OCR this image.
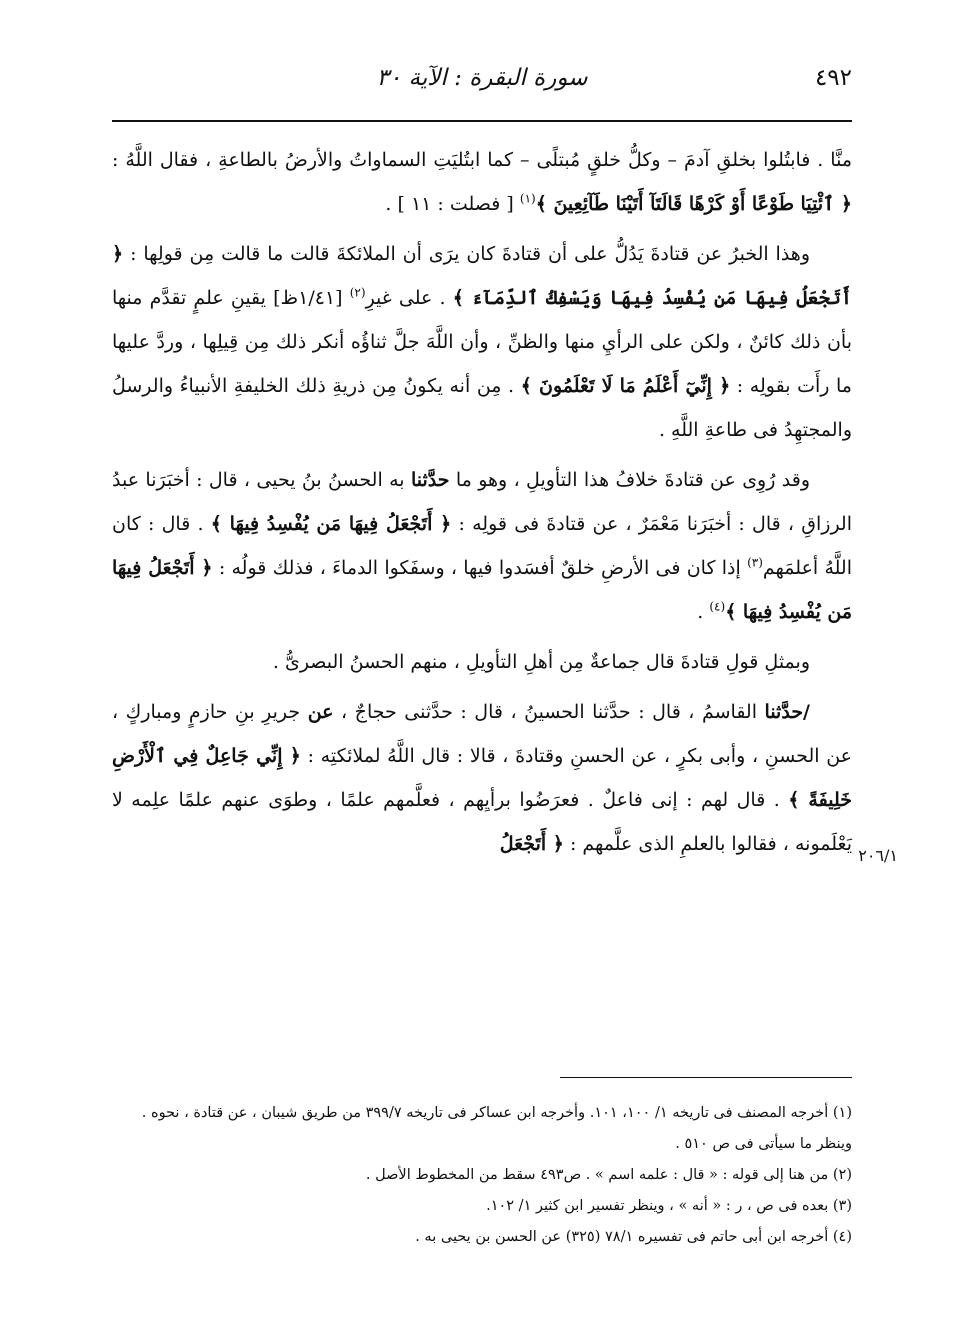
٤٩٢
سورة البقرة : الآية ٣٠
٢٠٦/١

منَّا . فابتُلوا بخلقِ آدمَ – وكلُّ خلقٍ مُبتلًى – كما ابتُليَتِ السماواتُ والأرضُ بالطاعةِ ، فقال اللَّهُ : ﴿ ٱئْتِيَا طَوْعًا أَوْ كَرْهًا قَالَتَآ أَتَيْنَا طَآئِعِينَ ﴾$^{(١)}$ [ فصلت : ١١ ] .

وهذا الخبرُ عن قتادةَ يَدُلُّ على أن قتادةَ كان يرَى أن الملائكةَ قالت ما قالت مِن قولِها : ﴿ أَتَجْعَلُ فِيهَا مَن يُفْسِدُ فِيهَا وَيَسْفِكُ ٱلدِّمَآءَ ﴾ . على غيرِ$^{(٢)}$ [١/٤١ظ] يقينِ علمٍ تقدَّم منها بأن ذلك كائنٌ ، ولكن على الرأيِ منها والظنِّ ، وأن اللَّهَ جلَّ ثناؤُه أنكر ذلك مِن قِيلِها ، وردَّ عليها ما رأَت بقولِه : ﴿ إِنِّيٓ أَعْلَمُ مَا لَا تَعْلَمُونَ ﴾ . مِن أنه يكونُ مِن ذريةِ ذلك الخليفةِ الأنبياءُ والرسلُ والمجتهِدُ فى طاعةِ اللَّهِ .

وقد رُوِى عن قتادةَ خلافُ هذا التأويلِ ، وهو ما حدَّثنا به الحسنُ بنُ يحيى ، قال : أخبَرَنا عبدُ الرزاقِ ، قال : أخبَرَنا مَعْمَرٌ ، عن قتادةَ فى قولِه : ﴿ أَتَجْعَلُ فِيهَا مَن يُفْسِدُ فِيهَا ﴾ . قال : كان اللَّهُ أعلمَهم$^{(٣)}$ إذا كان فى الأرضِ خلقٌ أفسَدوا فيها ، وسفَكوا الدماءَ ، فذلك قولُه : ﴿ أَتَجْعَلُ فِيهَا مَن يُفْسِدُ فِيهَا ﴾$^{(٤)}$ .

وبمثلِ قولِ قتادةَ قال جماعةٌ مِن أهلِ التأويلِ ، منهم الحسنُ البصرىُّ .

/حدَّثنا القاسمُ ، قال : حدَّثنا الحسينُ ، قال : حدَّثنى حجاجٌ ، عن جريرِ بنِ حازمٍ ومباركٍ ، عن الحسنِ ، وأبى بكرٍ ، عن الحسنِ وقتادةَ ، قالا : قال اللَّهُ لملائكتِه : ﴿ إِنِّي جَاعِلٌ فِي ٱلْأَرْضِ خَلِيفَةً ﴾ . قال لهم : إنى فاعلٌ . فعرَضُوا برأيِهم ، فعلَّمهم علمًا ، وطوَى عنهم علمًا علِمه لا يَعْلَمونه ، فقالوا بالعلمِ الذى علَّمهم : ﴿ أَتَجْعَلُ

(١) أخرجه المصنف فى تاريخه ١/ ١٠٠، ١٠١. وأخرجه ابن عساكر فى تاريخه ٣٩٩/٧ من طريق شيبان ، عن قتادة ، نحوه . وينظر ما سيأتى فى ص ٥١٠ .
(٢) من هنا إلى قوله : « قال : علمه اسم » . ص٤٩٣ سقط من المخطوط الأصل .
(٣) بعده فى ص ، ر : « أنه » ، وينظر تفسير ابن كثير ١/ ١٠٢.
(٤) أخرجه ابن أبى حاتم فى تفسيره ٧٨/١ (٣٢٥) عن الحسن بن يحيى به .
